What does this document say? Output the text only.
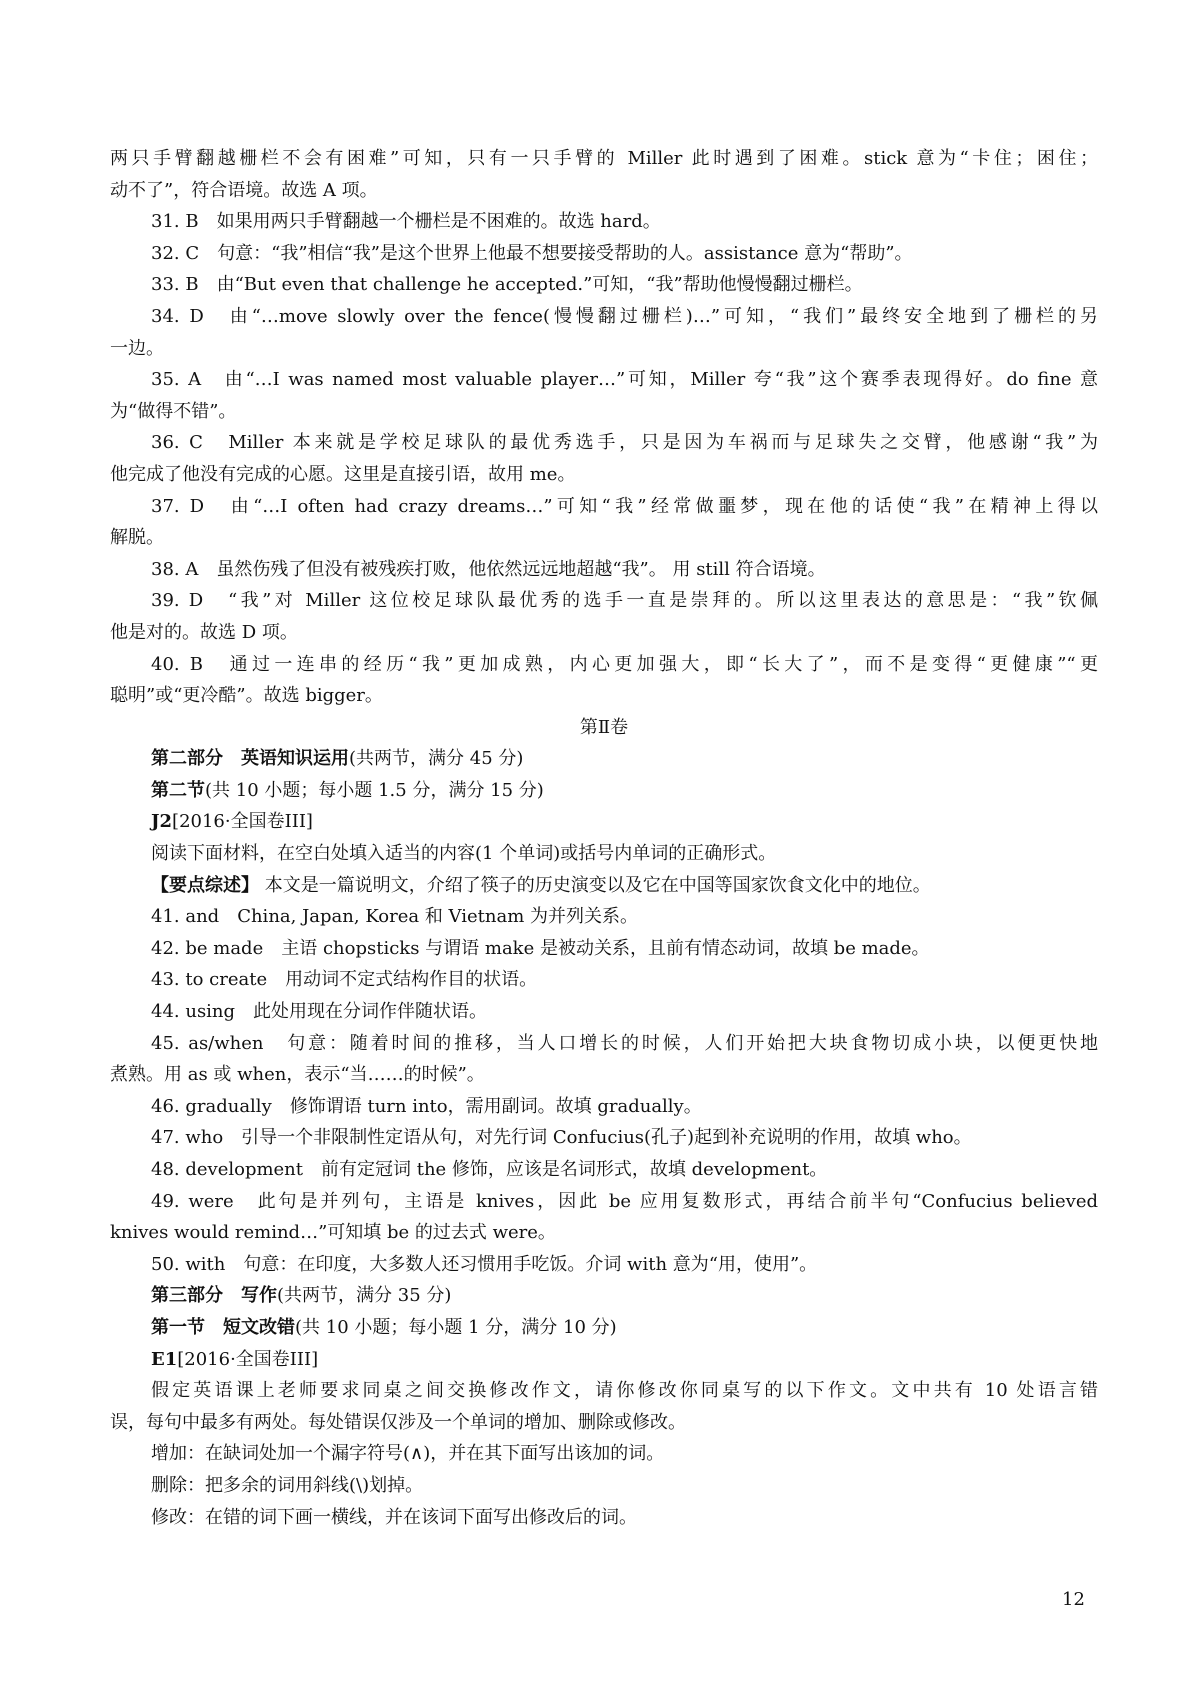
两只手臂翻越栅栏不会有困难”可知，只有一只手臂的 Miller 此时遇到了困难。stick 意为“卡住；困住；
动不了”，符合语境。故选 A 项。
31. B　如果用两只手臂翻越一个栅栏是不困难的。故选 hard。
32. C　句意：“我”相信“我”是这个世界上他最不想要接受帮助的人。assistance 意为“帮助”。
33. B　由“But even that challenge he accepted.”可知，“我”帮助他慢慢翻过栅栏。
34. D　由“…move slowly over the fence(慢慢翻过栅栏)…”可知，“我们”最终安全地到了栅栏的另
一边。
35. A　由“…I was named most valuable player…”可知，Miller 夸“我”这个赛季表现得好。do fine 意
为“做得不错”。
36. C　Miller 本来就是学校足球队的最优秀选手，只是因为车祸而与足球失之交臂，他感谢“我”为
他完成了他没有完成的心愿。这里是直接引语，故用 me。
37. D　由“…I often had crazy dreams…”可知“我”经常做噩梦，现在他的话使“我”在精神上得以
解脱。
38. A　虽然伤残了但没有被残疾打败，他依然远远地超越“我”。 用 still 符合语境。
39. D　“我”对 Miller 这位校足球队最优秀的选手一直是崇拜的。所以这里表达的意思是：“我”钦佩
他是对的。故选 D 项。
40. B　通过一连串的经历“我”更加成熟，内心更加强大，即“长大了”，而不是变得“更健康”“更
聪明”或“更冷酷”。故选 bigger。
第Ⅱ卷
第二部分　英语知识运用(共两节，满分 45 分)
第二节(共 10 小题；每小题 1.5 分，满分 15 分)
J2[2016·全国卷III]
阅读下面材料，在空白处填入适当的内容(1 个单词)或括号内单词的正确形式。
【要点综述】 本文是一篇说明文，介绍了筷子的历史演变以及它在中国等国家饮食文化中的地位。
41. and　China, Japan, Korea 和 Vietnam 为并列关系。
42. be made　主语 chopsticks 与谓语 make 是被动关系，且前有情态动词，故填 be made。
43. to create　用动词不定式结构作目的状语。
44. using　此处用现在分词作伴随状语。
45. as/when　句意：随着时间的推移，当人口增长的时候，人们开始把大块食物切成小块，以便更快地
煮熟。用 as 或 when，表示“当……的时候”。
46. gradually　修饰谓语 turn into，需用副词。故填 gradually。
47. who　引导一个非限制性定语从句，对先行词 Confucius(孔子)起到补充说明的作用，故填 who。
48. development　前有定冠词 the 修饰，应该是名词形式，故填 development。
49. were　此句是并列句，主语是 knives，因此 be 应用复数形式，再结合前半句“Confucius believed
knives would remind…”可知填 be 的过去式 were。
50. with　句意：在印度，大多数人还习惯用手吃饭。介词 with 意为“用，使用”。
第三部分　写作(共两节，满分 35 分)
第一节　短文改错(共 10 小题；每小题 1 分，满分 10 分)
E1[2016·全国卷III]
假定英语课上老师要求同桌之间交换修改作文，请你修改你同桌写的以下作文。文中共有 10 处语言错
误，每句中最多有两处。每处错误仅涉及一个单词的增加、删除或修改。
增加：在缺词处加一个漏字符号(∧)，并在其下面写出该加的词。
删除：把多余的词用斜线(\)划掉。
修改：在错的词下画一横线，并在该词下面写出修改后的词。
12
